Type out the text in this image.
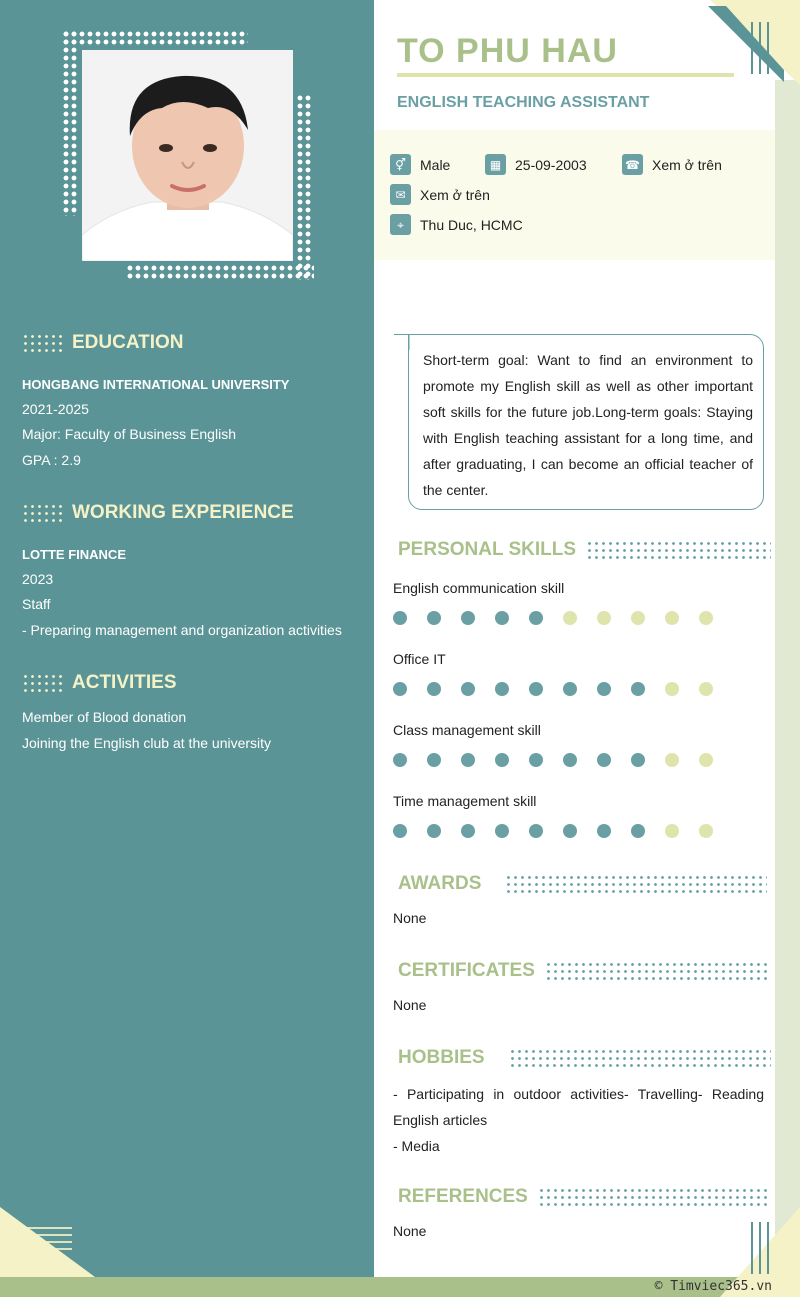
EDUCATION
HONGBANG INTERNATIONAL UNIVERSITY
2021-2025
Major: Faculty of Business English
GPA : 2.9
WORKING EXPERIENCE
LOTTE FINANCE
2023
Staff
- Preparing management and organization activities
ACTIVITIES
Member of Blood donation
Joining the English club at the university
TO PHU HAU
ENGLISH TEACHING ASSISTANT
⚥	Male	▦ 25-09-2003	☎ Xem ở trên
✉	Xem ở trên
⌖	Thu Duc, HCMC
Short-term goal: Want to find an environment to promote my English skill as well as other important soft skills for the future job.Long-term goals: Staying with English teaching assistant for a long time, and after graduating, I can become an official teacher of the center.
PERSONAL SKILLS
English communication skill
Office IT
Class management skill
Time management skill
AWARDS
None
CERTIFICATES
None
HOBBIES
- Participating in outdoor activities- Travelling- Reading English articles
- Media
REFERENCES
None
© Timviec365.vn
